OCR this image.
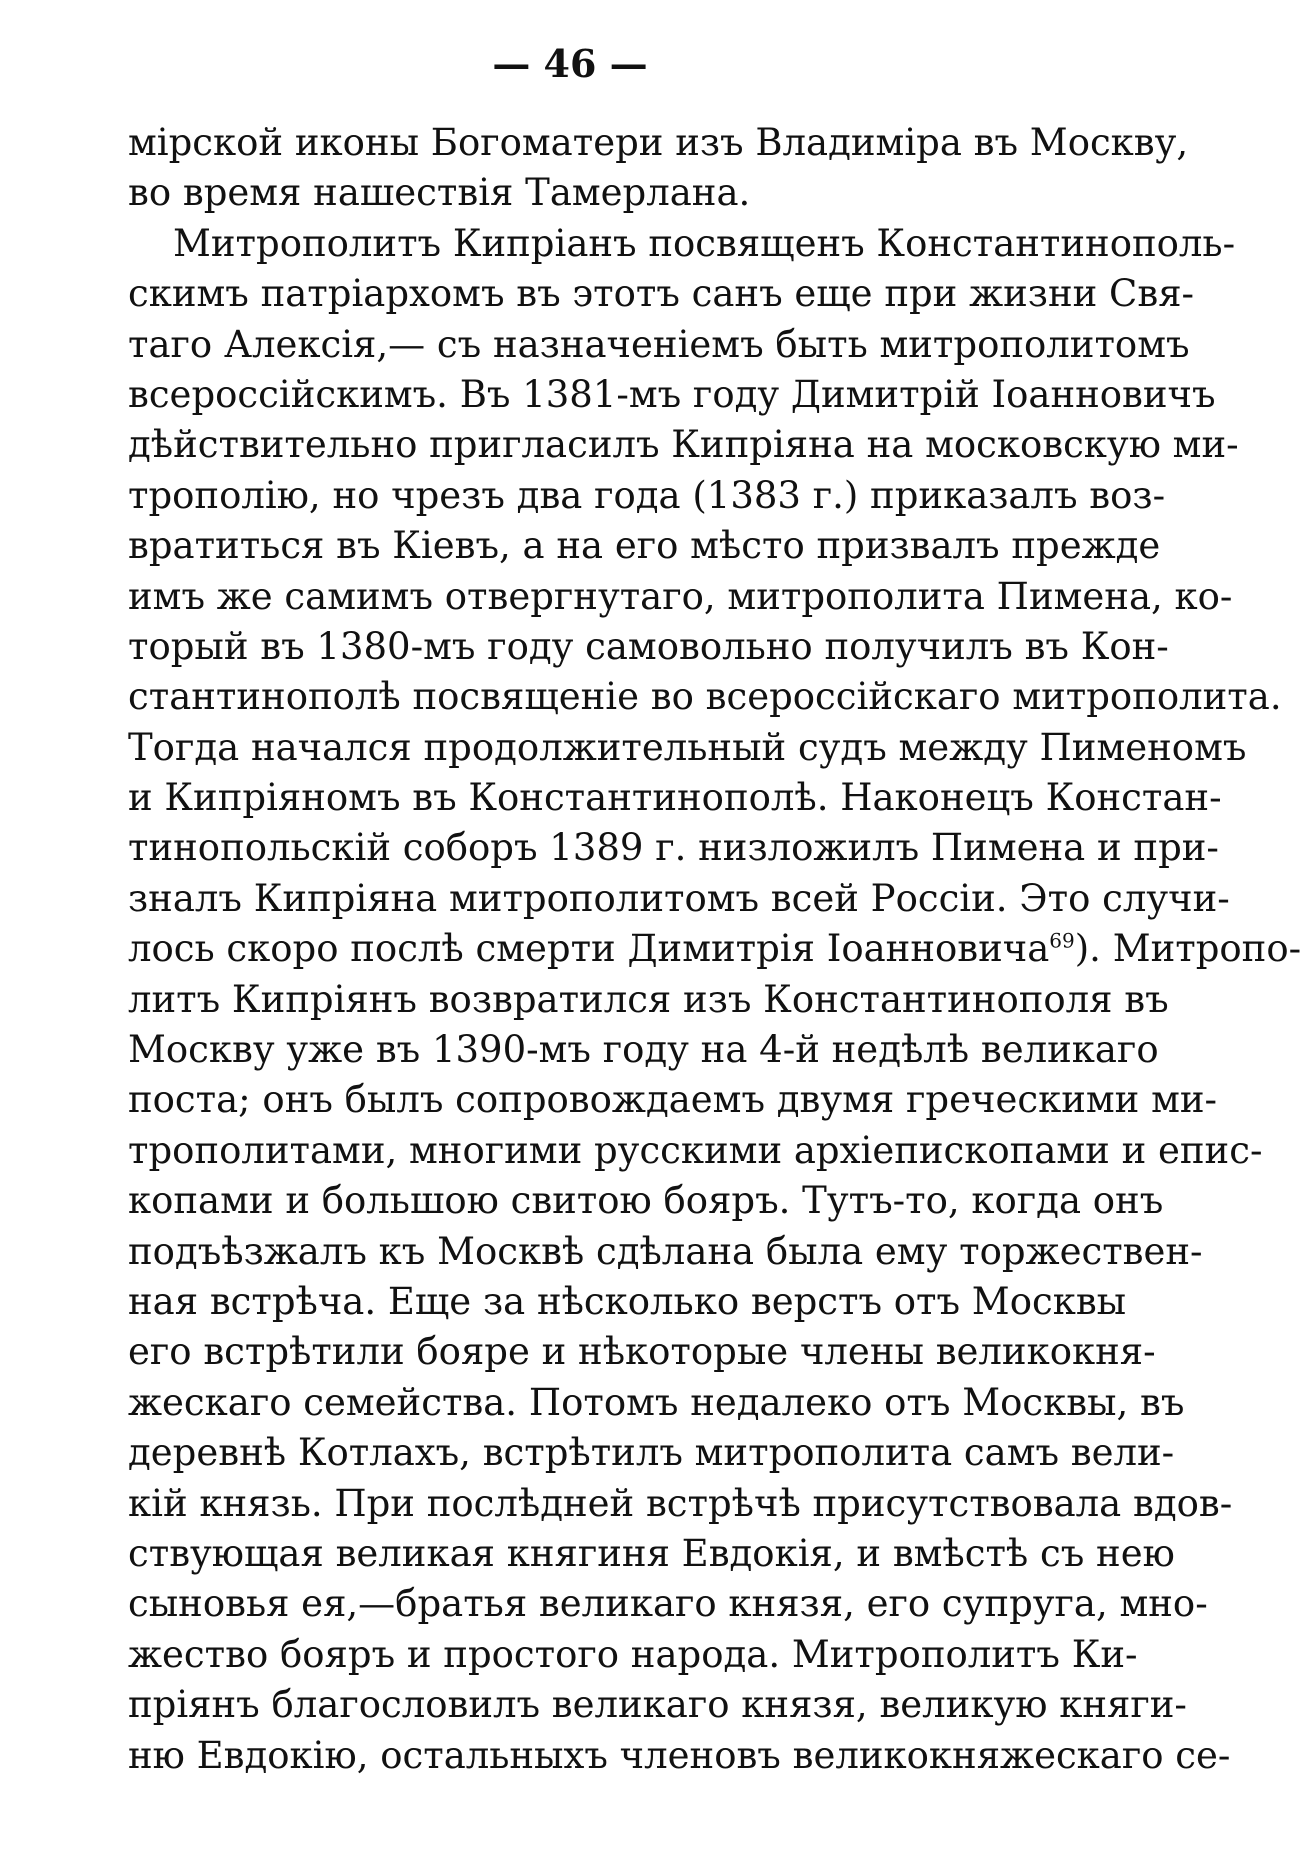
— 46 —
мірской иконы Богоматери изъ Владиміра въ Москву,
во время нашествія Тамерлана.
Митрополитъ Кипріанъ посвященъ Константинополь-
скимъ патріархомъ въ этотъ санъ еще при жизни Свя-
таго Алексія,— съ назначеніемъ быть митрополитомъ
всероссійскимъ. Въ 1381-мъ году Димитрій Іоанновичъ
дѣйствительно пригласилъ Кипріяна на московскую ми-
трополію, но чрезъ два года (1383 г.) приказалъ воз-
вратиться въ Кіевъ, а на его мѣсто призвалъ прежде
имъ же самимъ отвергнутаго, митрополита Пимена, ко-
торый въ 1380-мъ году самовольно получилъ въ Кон-
стантинополѣ посвященіе во всероссійскаго митрополита.
Тогда начался продолжительный судъ между Пименомъ
и Кипріяномъ въ Константинополѣ. Наконецъ Констан-
тинопольскій соборъ 1389 г. низложилъ Пимена и при-
зналъ Кипріяна митрополитомъ всей Россіи. Это случи-
лось скоро послѣ смерти Димитрія Іоанновича$^{69}$). Митропо-
литъ Кипріянъ возвратился изъ Константинополя въ
Москву уже въ 1390-мъ году на 4-й недѣлѣ великаго
поста; онъ былъ сопровождаемъ двумя греческими ми-
трополитами, многими русскими архіепископами и епис-
копами и большою свитою бояръ. Тутъ-то, когда онъ
подъѣзжалъ къ Москвѣ сдѣлана была ему торжествен-
ная встрѣча. Еще за нѣсколько верстъ отъ Москвы
его встрѣтили бояре и нѣкоторые члены великокня-
жескаго семейства. Потомъ недалеко отъ Москвы, въ
деревнѣ Котлахъ, встрѣтилъ митрополита самъ вели-
кій князь. При послѣдней встрѣчѣ присутствовала вдов-
ствующая великая княгиня Евдокія, и вмѣстѣ съ нею
сыновья ея,—братья великаго князя, его супруга, мно-
жество бояръ и простого народа. Митрополитъ Ки-
пріянъ благословилъ великаго князя, великую княги-
ню Евдокію, остальныхъ членовъ великокняжескаго се-
